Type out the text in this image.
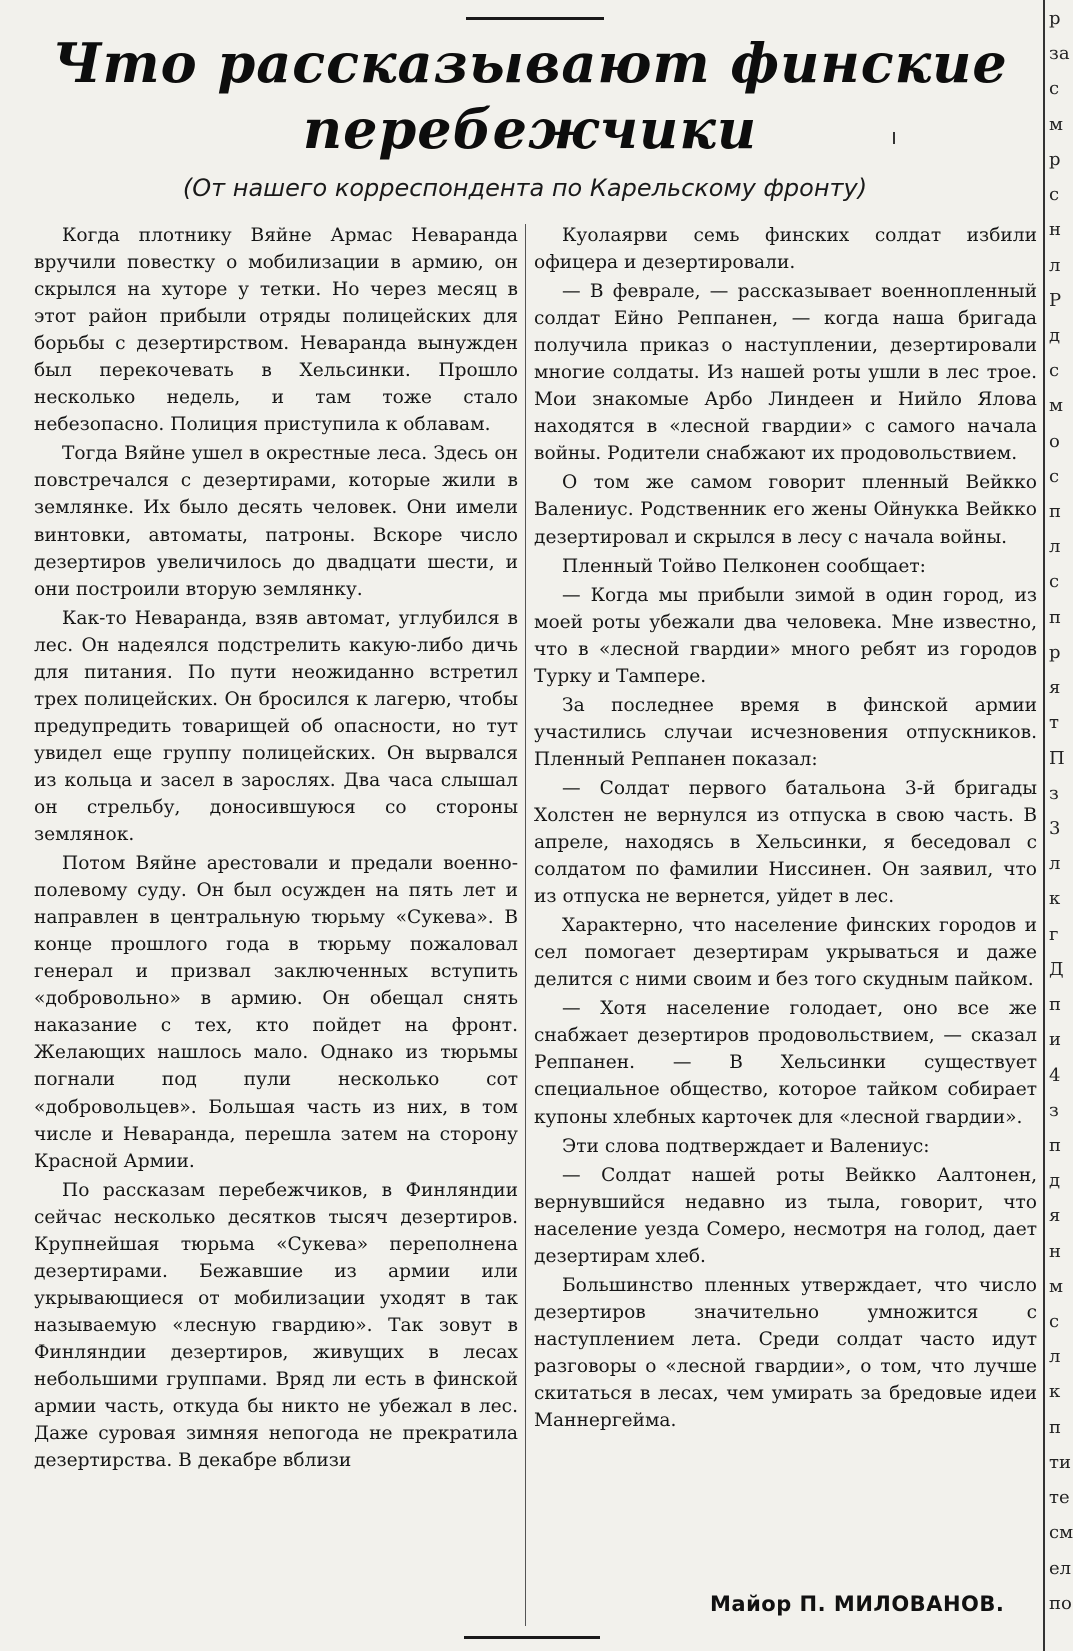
Что рассказывают финские перебежчики
(От нашего корреспондента по Карельскому фронту)

Когда плотнику Вяйне Армас Неваранда вручили повестку о мобилизации в армию, он скрылся на хуторе у тетки. Но через месяц в этот район прибыли отряды полицейских для борьбы с дезертирством. Неваранда вынужден был перекочевать в Хельсинки. Прошло несколько недель, и там тоже стало небезопасно. Полиция приступила к облавам.

Тогда Вяйне ушел в окрестные леса. Здесь он повстречался с дезертирами, которые жили в землянке. Их было десять человек. Они имели винтовки, автоматы, патроны. Вскоре число дезертиров увеличилось до двадцати шести, и они построили вторую землянку.

Как-то Неваранда, взяв автомат, углубился в лес. Он надеялся подстрелить какую-либо дичь для питания. По пути неожиданно встретил трех полицейских. Он бросился к лагерю, чтобы предупредить товарищей об опасности, но тут увидел еще группу полицейских. Он вырвался из кольца и засел в зарослях. Два часа слышал он стрельбу, доносившуюся со стороны землянок.

Потом Вяйне арестовали и предали военно-полевому суду. Он был осужден на пять лет и направлен в центральную тюрьму «Сукева». В конце прошлого года в тюрьму пожаловал генерал и призвал заключенных вступить «добровольно» в армию. Он обещал снять наказание с тех, кто пойдет на фронт. Желающих нашлось мало. Однако из тюрьмы погнали под пули несколько сот «добровольцев». Большая часть из них, в том числе и Неваранда, перешла затем на сторону Красной Армии.

По рассказам перебежчиков, в Финляндии сейчас несколько десятков тысяч дезертиров. Крупнейшая тюрьма «Сукева» переполнена дезертирами. Бежавшие из армии или укрывающиеся от мобилизации уходят в так называемую «лесную гвардию». Так зовут в Финляндии дезертиров, живущих в лесах небольшими группами. Вряд ли есть в финской армии часть, откуда бы никто не убежал в лес. Даже суровая зимняя непогода не прекратила дезертирства. В декабре вблизи

Куолаярви семь финских солдат избили офицера и дезертировали.

— В феврале, — рассказывает военнопленный солдат Ейно Реппанен, — когда наша бригада получила приказ о наступлении, дезертировали многие солдаты. Из нашей роты ушли в лес трое. Мои знакомые Арбо Линдеен и Нийло Ялова находятся в «лесной гвардии» с самого начала войны. Родители снабжают их продовольствием.

О том же самом говорит пленный Вейкко Валениус. Родственник его жены Ойнукка Вейкко дезертировал и скрылся в лесу с начала войны.

Пленный Тойво Пелконен сообщает:

— Когда мы прибыли зимой в один город, из моей роты убежали два человека. Мне известно, что в «лесной гвардии» много ребят из городов Турку и Тампере.

За последнее время в финской армии участились случаи исчезновения отпускников. Пленный Реппанен показал:

— Солдат первого батальона 3-й бригады Холстен не вернулся из отпуска в свою часть. В апреле, находясь в Хельсинки, я беседовал с солдатом по фамилии Ниссинен. Он заявил, что из отпуска не вернется, уйдет в лес.

Характерно, что население финских городов и сел помогает дезертирам укрываться и даже делится с ними своим и без того скудным пайком.

— Хотя население голодает, оно все же снабжает дезертиров продовольствием, — сказал Реппанен. — В Хельсинки существует специальное общество, которое тайком собирает купоны хлебных карточек для «лесной гвардии».

Эти слова подтверждает и Валениус:

— Солдат нашей роты Вейкко Аалтонен, вернувшийся недавно из тыла, говорит, что население уезда Сомеро, несмотря на голод, дает дезертирам хлеб.

Большинство пленных утверждает, что число дезертиров значительно умножится с наступлением лета. Среди солдат часто идут разговоры о «лесной гвардии», о том, что лучше скитаться в лесах, чем умирать за бредовые идеи Маннергейма.

Майор П. МИЛОВАНОВ.
р
за
с
м
р
с
н
л
Р
д
с
м
о
с
п
л
с
п
р
я
т
П
з
3
л
к
г
Д
п
и
4
з
п
д
я
н
м
с
л
к
п
ти
те
см
ел
по
